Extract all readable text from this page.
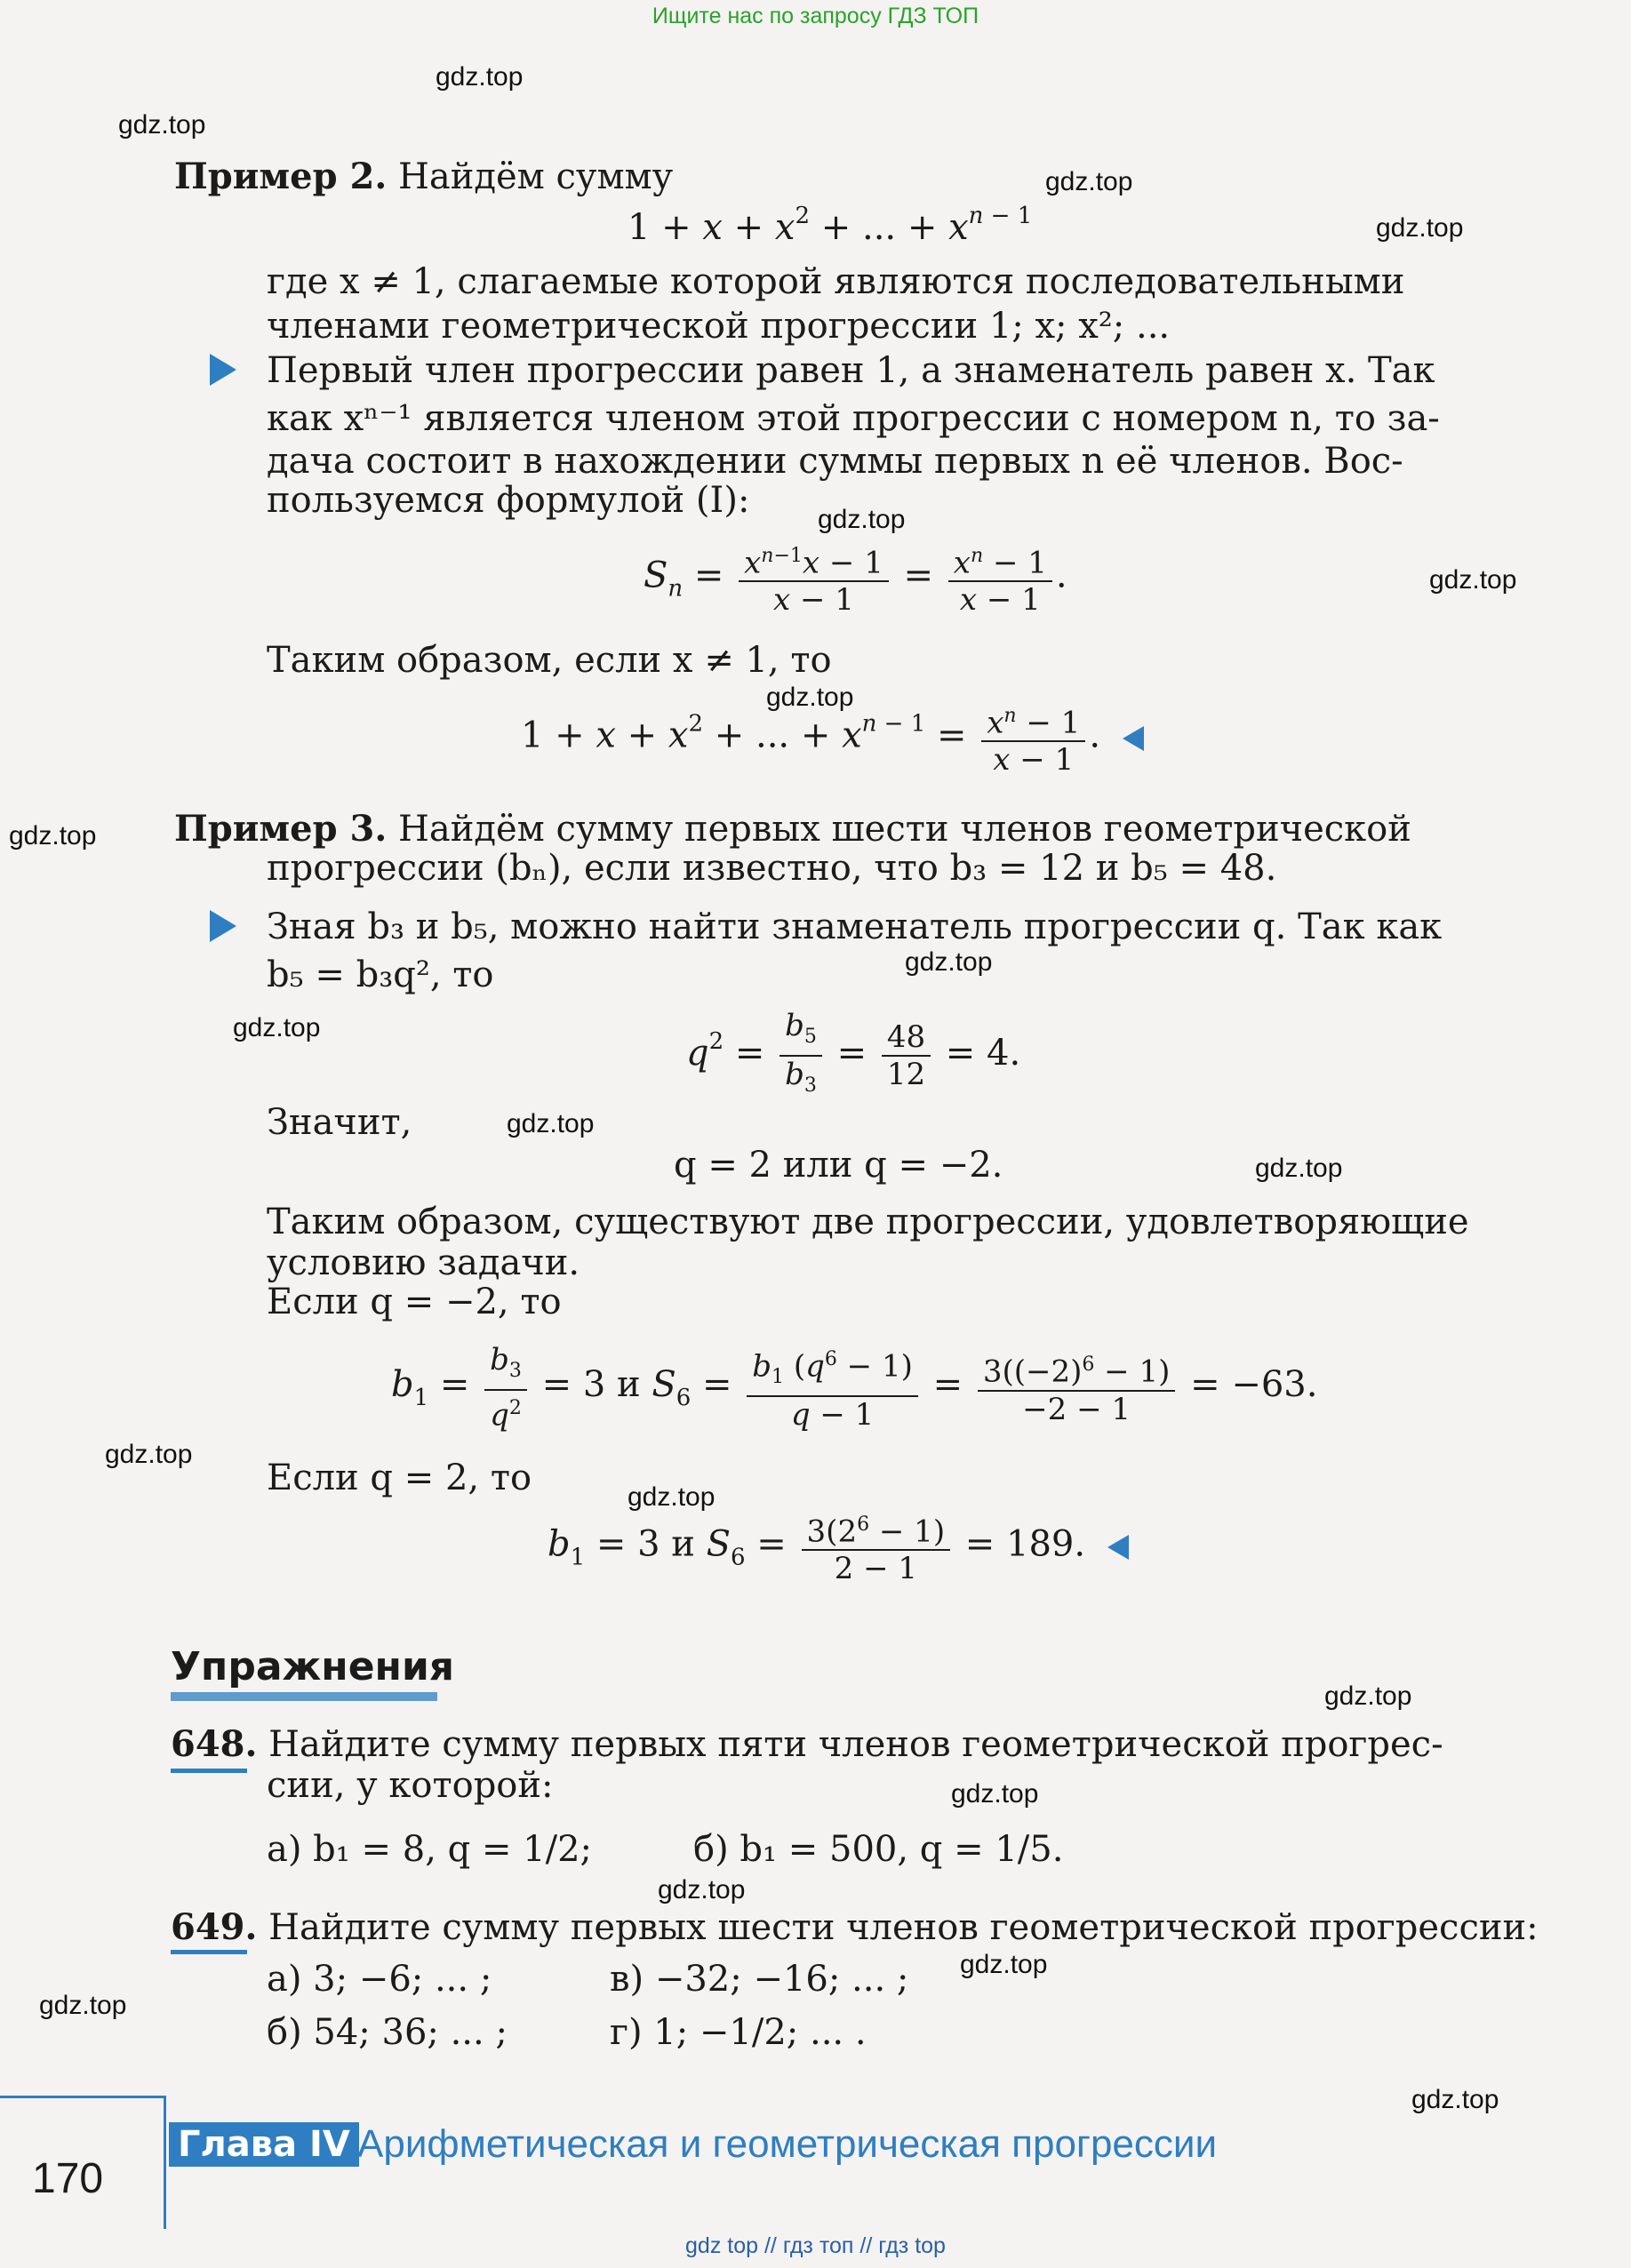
Ищите нас по запросу ГДЗ ТОП
gdz top // гдз топ // гдз top
gdz.top
gdz.top
gdz.top
gdz.top
gdz.top
gdz.top
gdz.top
gdz.top
gdz.top
gdz.top
gdz.top
gdz.top
gdz.top
gdz.top
gdz.top
gdz.top
gdz.top
gdz.top
gdz.top
gdz.top
Пример 2. Найдём сумму
$1 + x + x^2$ + ... + $x^{n - 1}$
где x ≠ 1, слагаемые которой являются последовательными
членами геометрической прогрессии 1; x; x²; ...
Первый член прогрессии равен 1, а знаменатель равен x. Так
как xⁿ⁻¹ является членом этой прогрессии с номером n, то за-
дача состоит в нахождении суммы первых n её членов. Вос-
пользуемся формулой (I):
$S_n = \frac{x^{n-1}x - 1}{x - 1} = \frac{x^n - 1}{x - 1}$ .
Таким образом, если x ≠ 1, то
$1 + x + x^2$ + ... + $x^{n - 1} = \frac{x^n - 1}{x - 1}$ .
Пример 3. Найдём сумму первых шести членов геометрической
прогрессии (bₙ), если известно, что b₃ = 12 и b₅ = 48.
Зная b₃ и b₅, можно найти знаменатель прогрессии q. Так как
b₅ = b₃q², то
$q^2 = \frac{b_5}{b_3} = \frac{48}{12} = 4$.
Значит,
q = 2 или q = −2.
Таким образом, существуют две прогрессии, удовлетворяющие
условию задачи.
Если q = −2, то
$b_1 = \frac{b_3}{q^2} = 3$ и $S_6 = \frac{b_1 (q^6 - 1)}{q - 1} = \frac{3((-2)^6 - 1)}{-2 - 1} = -63$.
Если q = 2, то
$b_1 = 3$ и $S_6 = \frac{3(2^6 - 1)}{2 - 1} = 189$.
Упражнения
648. Найдите сумму первых пяти членов геометрической прогрес-
сии, у которой:
а) b₁ = 8, q = 1/2;	б) b₁ = 500, q = 1/5.
649. Найдите сумму первых шести членов геометрической прогрессии:
а) 3; −6; ... ;	в) −32; −16; ... ;
б) 54; 36; ... ;	г) 1; −1/2; ... .
Глава IV Арифметическая и геометрическая прогрессии
170
